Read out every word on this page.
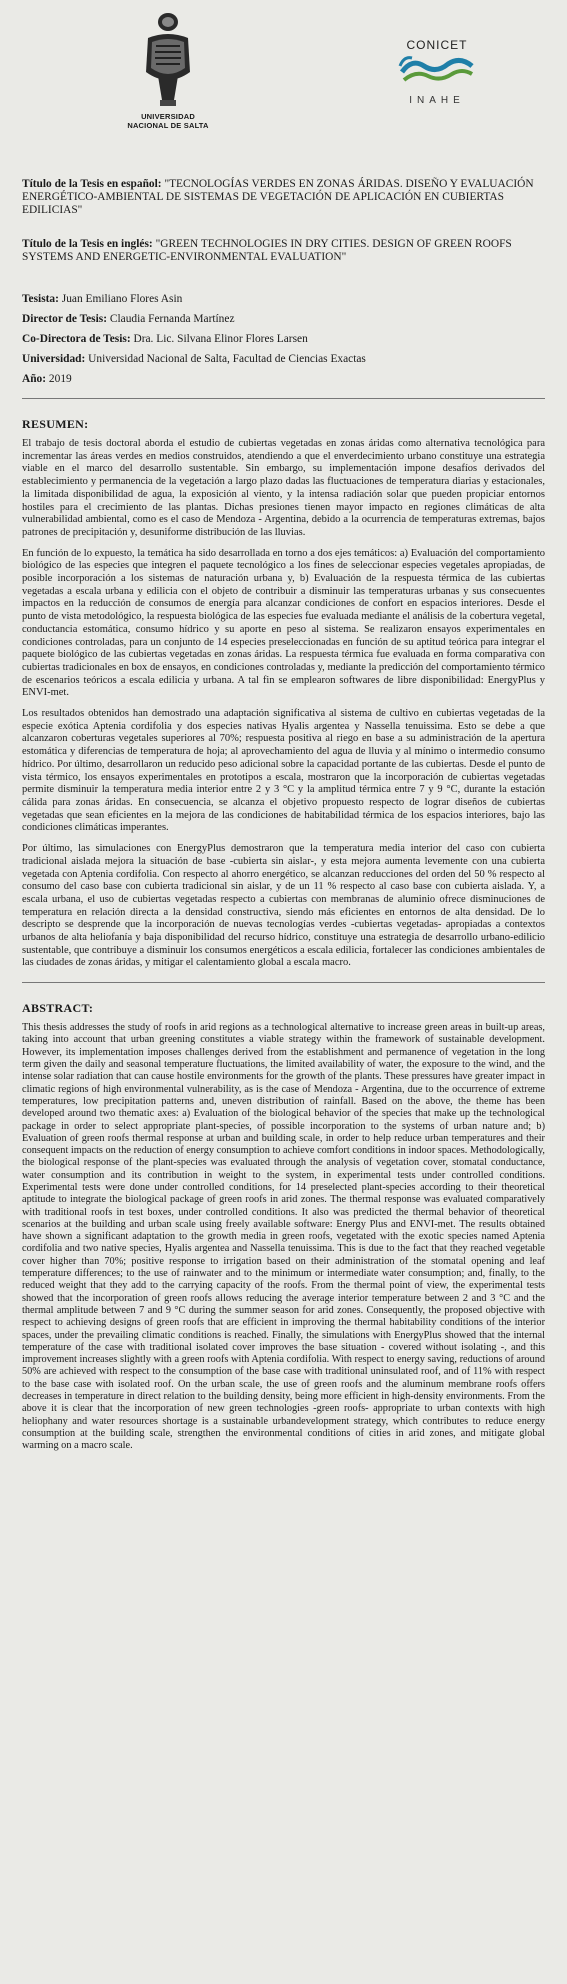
UNIVERSIDAD
NACIONAL DE SALTA
CONICET
INAHE
Título de la Tesis en español: "TECNOLOGÍAS VERDES EN ZONAS ÁRIDAS. DISEÑO Y EVALUACIÓN ENERGÉTICO-AMBIENTAL DE SISTEMAS DE VEGETACIÓN DE APLICACIÓN EN CUBIERTAS EDILICIAS"
Título de la Tesis en inglés: "GREEN TECHNOLOGIES IN DRY CITIES. DESIGN OF GREEN ROOFS SYSTEMS AND ENERGETIC-ENVIRONMENTAL EVALUATION"
Tesista: Juan Emiliano Flores Asin
Director de Tesis: Claudia Fernanda Martínez
Co-Directora de Tesis: Dra. Lic. Silvana Elinor Flores Larsen
Universidad: Universidad Nacional de Salta, Facultad de Ciencias Exactas
Año: 2019
RESUMEN:

El trabajo de tesis doctoral aborda el estudio de cubiertas vegetadas en zonas áridas como alternativa tecnológica para incrementar las áreas verdes en medios construidos, atendiendo a que el enverdecimiento urbano constituye una estrategia viable en el marco del desarrollo sustentable. Sin embargo, su implementación impone desafíos derivados del establecimiento y permanencia de la vegetación a largo plazo dadas las fluctuaciones de temperatura diarias y estacionales, la limitada disponibilidad de agua, la exposición al viento, y la intensa radiación solar que pueden propiciar entornos hostiles para el crecimiento de las plantas. Dichas presiones tienen mayor impacto en regiones climáticas de alta vulnerabilidad ambiental, como es el caso de Mendoza - Argentina, debido a la ocurrencia de temperaturas extremas, bajos patrones de precipitación y, desuniforme distribución de las lluvias.

En función de lo expuesto, la temática ha sido desarrollada en torno a dos ejes temáticos: a) Evaluación del comportamiento biológico de las especies que integren el paquete tecnológico a los fines de seleccionar especies vegetales apropiadas, de posible incorporación a los sistemas de naturación urbana y, b) Evaluación de la respuesta térmica de las cubiertas vegetadas a escala urbana y edilicia con el objeto de contribuir a disminuir las temperaturas urbanas y sus consecuentes impactos en la reducción de consumos de energía para alcanzar condiciones de confort en espacios interiores. Desde el punto de vista metodológico, la respuesta biológica de las especies fue evaluada mediante el análisis de la cobertura vegetal, conductancia estomática, consumo hídrico y su aporte en peso al sistema. Se realizaron ensayos experimentales en condiciones controladas, para un conjunto de 14 especies preseleccionadas en función de su aptitud teórica para integrar el paquete biológico de las cubiertas vegetadas en zonas áridas. La respuesta térmica fue evaluada en forma comparativa con cubiertas tradicionales en box de ensayos, en condiciones controladas y, mediante la predicción del comportamiento térmico de escenarios teóricos a escala edilicia y urbana. A tal fin se emplearon softwares de libre disponibilidad: EnergyPlus y ENVI-met.

Los resultados obtenidos han demostrado una adaptación significativa al sistema de cultivo en cubiertas vegetadas de la especie exótica Aptenia cordifolia y dos especies nativas Hyalis argentea y Nassella tenuissima. Esto se debe a que alcanzaron coberturas vegetales superiores al 70%; respuesta positiva al riego en base a su administración de la apertura estomática y diferencias de temperatura de hoja; al aprovechamiento del agua de lluvia y al mínimo o intermedio consumo hídrico. Por último, desarrollaron un reducido peso adicional sobre la capacidad portante de las cubiertas. Desde el punto de vista térmico, los ensayos experimentales en prototipos a escala, mostraron que la incorporación de cubiertas vegetadas permite disminuir la temperatura media interior entre 2 y 3 °C y la amplitud térmica entre 7 y 9 °C, durante la estación cálida para zonas áridas. En consecuencia, se alcanza el objetivo propuesto respecto de lograr diseños de cubiertas vegetadas que sean eficientes en la mejora de las condiciones de habitabilidad térmica de los espacios interiores, bajo las condiciones climáticas imperantes.

Por último, las simulaciones con EnergyPlus demostraron que la temperatura media interior del caso con cubierta tradicional aislada mejora la situación de base -cubierta sin aislar-, y esta mejora aumenta levemente con una cubierta vegetada con Aptenia cordifolia. Con respecto al ahorro energético, se alcanzan reducciones del orden del 50 % respecto al consumo del caso base con cubierta tradicional sin aislar, y de un 11 % respecto al caso base con cubierta aislada. Y, a escala urbana, el uso de cubiertas vegetadas respecto a cubiertas con membranas de aluminio ofrece disminuciones de temperatura en relación directa a la densidad constructiva, siendo más eficientes en entornos de alta densidad. De lo descripto se desprende que la incorporación de nuevas tecnologías verdes -cubiertas vegetadas- apropiadas a contextos urbanos de alta heliofanía y baja disponibilidad del recurso hídrico, constituye una estrategia de desarrollo urbano-edilicio sustentable, que contribuye a disminuir los consumos energéticos a escala edilicia, fortalecer las condiciones ambientales de las ciudades de zonas áridas, y mitigar el calentamiento global a escala macro.

ABSTRACT:

This thesis addresses the study of roofs in arid regions as a technological alternative to increase green areas in built-up areas, taking into account that urban greening constitutes a viable strategy within the framework of sustainable development. However, its implementation imposes challenges derived from the establishment and permanence of vegetation in the long term given the daily and seasonal temperature fluctuations, the limited availability of water, the exposure to the wind, and the intense solar radiation that can cause hostile environments for the growth of the plants. These pressures have greater impact in climatic regions of high environmental vulnerability, as is the case of Mendoza - Argentina, due to the occurrence of extreme temperatures, low precipitation patterns and, uneven distribution of rainfall. Based on the above, the theme has been developed around two thematic axes: a) Evaluation of the biological behavior of the species that make up the technological package in order to select appropriate plant-species, of possible incorporation to the systems of urban nature and; b) Evaluation of green roofs thermal response at urban and building scale, in order to help reduce urban temperatures and their consequent impacts on the reduction of energy consumption to achieve comfort conditions in indoor spaces. Methodologically, the biological response of the plant-species was evaluated through the analysis of vegetation cover, stomatal conductance, water consumption and its contribution in weight to the system, in experimental tests under controlled conditions. Experimental tests were done under controlled conditions, for 14 preselected plant-species according to their theoretical aptitude to integrate the biological package of green roofs in arid zones. The thermal response was evaluated comparatively with traditional roofs in test boxes, under controlled conditions. It also was predicted the thermal behavior of theoretical scenarios at the building and urban scale using freely available software: Energy Plus and ENVI-met. The results obtained have shown a significant adaptation to the growth media in green roofs, vegetated with the exotic species named Aptenia cordifolia and two native species, Hyalis argentea and Nassella tenuissima. This is due to the fact that they reached vegetable cover higher than 70%; positive response to irrigation based on their administration of the stomatal opening and leaf temperature differences; to the use of rainwater and to the minimum or intermediate water consumption; and, finally, to the reduced weight that they add to the carrying capacity of the roofs. From the thermal point of view, the experimental tests showed that the incorporation of green roofs allows reducing the average interior temperature between 2 and 3 °C and the thermal amplitude between 7 and 9 °C during the summer season for arid zones. Consequently, the proposed objective with respect to achieving designs of green roofs that are efficient in improving the thermal habitability conditions of the interior spaces, under the prevailing climatic conditions is reached. Finally, the simulations with EnergyPlus showed that the internal temperature of the case with traditional isolated cover improves the base situation - covered without isolating -, and this improvement increases slightly with a green roofs with Aptenia cordifolia. With respect to energy saving, reductions of around 50% are achieved with respect to the consumption of the base case with traditional uninsulated roof, and of 11% with respect to the base case with isolated roof. On the urban scale, the use of green roofs and the aluminum membrane roofs offers decreases in temperature in direct relation to the building density, being more efficient in high-density environments. From the above it is clear that the incorporation of new green technologies -green roofs- appropriate to urban contexts with high heliophany and water resources shortage is a sustainable urbandevelopment strategy, which contributes to reduce energy consumption at the building scale, strengthen the environmental conditions of cities in arid zones, and mitigate global warming on a macro scale.
